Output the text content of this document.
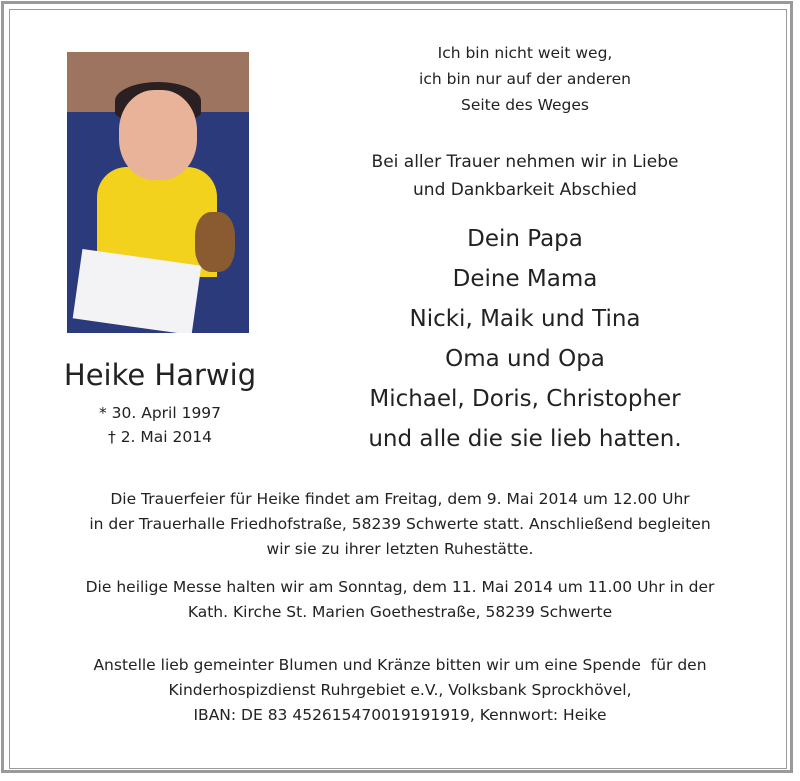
Ich bin nicht weit weg,
ich bin nur auf der anderen
Seite des Weges
Bei aller Trauer nehmen wir in Liebe
und Dankbarkeit Abschied
Dein Papa
Deine Mama
Nicki, Maik und Tina
Oma und Opa
Michael, Doris, Christopher
und alle die sie lieb hatten.
Heike Harwig
* 30. April 1997
† 2. Mai 2014
Die Trauerfeier für Heike findet am Freitag, dem 9. Mai 2014 um 12.00 Uhr
in der Trauerhalle Friedhofstraße, 58239 Schwerte statt. Anschließend begleiten
wir sie zu ihrer letzten Ruhestätte.
Die heilige Messe halten wir am Sonntag, dem 11. Mai 2014 um 11.00 Uhr in der
Kath. Kirche St. Marien Goethestraße, 58239 Schwerte
Anstelle lieb gemeinter Blumen und Kränze bitten wir um eine Spende  für den
Kinderhospizdienst Ruhrgebiet e.V., Volksbank Sprockhövel,
IBAN: DE 83 452615470019191919, Kennwort: Heike
